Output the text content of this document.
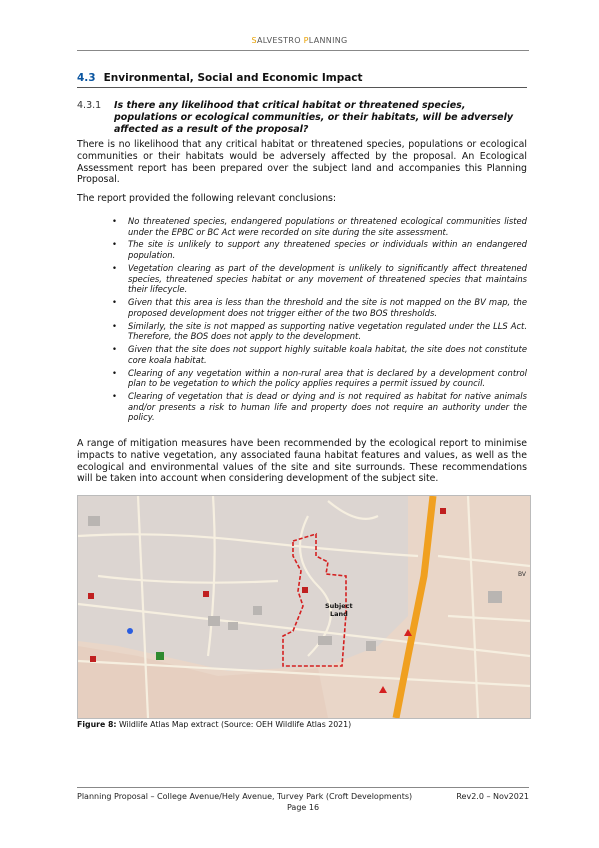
SALVESTRO PLANNING
4.3 Environmental, Social and Economic Impact
4.3.1 Is there any likelihood that critical habitat or threatened species, populations or ecological communities, or their habitats, will be adversely affected as a result of the proposal?
There is no likelihood that any critical habitat or threatened species, populations or ecological communities or their habitats would be adversely affected by the proposal. An Ecological Assessment report has been prepared over the subject land and accompanies this Planning Proposal.
The report provided the following relevant conclusions:
• No threatened species, endangered populations or threatened ecological communities listed under the EPBC or BC Act were recorded on site during the site assessment.
• The site is unlikely to support any threatened species or individuals within an endangered population.
• Vegetation clearing as part of the development is unlikely to significantly affect threatened species, threatened species habitat or any movement of threatened species that maintains their lifecycle.
• Given that this area is less than the threshold and the site is not mapped on the BV map, the proposed development does not trigger either of the two BOS thresholds.
• Similarly, the site is not mapped as supporting native vegetation regulated under the LLS Act. Therefore, the BOS does not apply to the development.
• Given that the site does not support highly suitable koala habitat, the site does not constitute core koala habitat.
• Clearing of any vegetation within a non-rural area that is declared by a development control plan to be vegetation to which the policy applies requires a permit issued by council.
• Clearing of vegetation that is dead or dying and is not required as habitat for native animals and/or presents a risk to human life and property does not require an authority under the policy.
A range of mitigation measures have been recommended by the ecological report to minimise impacts to native vegetation, any associated fauna habitat features and values, as well as the ecological and environmental values of the site and site surrounds. These recommendations will be taken into account when considering development of the subject site.
Subject
Land
BV
Figure 8: Wildlife Atlas Map extract (Source: OEH Wildlife Atlas 2021)
Planning Proposal – College Avenue/Hely Avenue, Turvey Park (Croft Developments)	Rev2.0 – Nov2021
Page 16
